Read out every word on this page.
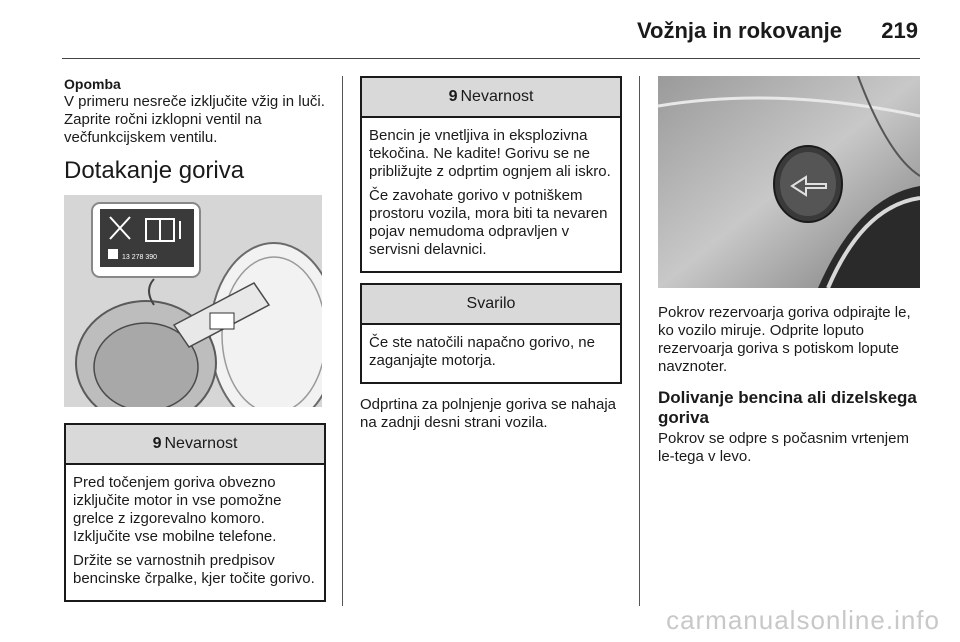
Vožnja in rokovanje 219
Opomba

V primeru nesreče izključite vžig in luči. Zaprite ročni izklopni ventil na večfunkcijskem ventilu.

Dotakanje goriva
13 278 390
9 Nevarnost

Pred točenjem goriva obvezno izključite motor in vse pomožne grelce z izgorevalno komoro. Izključite vse mobilne telefone.

Držite se varnostnih predpisov bencinske črpalke, kjer točite gorivo.

9 Nevarnost

Bencin je vnetljiva in eksplozivna tekočina. Ne kadite! Gorivu se ne približujte z odprtim ognjem ali iskro.

Če zavohate gorivo v potniškem prostoru vozila, mora biti ta nevaren pojav nemudoma odpravljen v servisni delavnici.

Svarilo

Če ste natočili napačno gorivo, ne zaganjajte motorja.

Odprtina za polnjenje goriva se nahaja na zadnji desni strani vozila.

Pokrov rezervoarja goriva odpirajte le, ko vozilo miruje. Odprite loputo rezervoarja goriva s potiskom lopute navznoter.

Dolivanje bencina ali dizelskega goriva

Pokrov se odpre s počasnim vrtenjem le-tega v levo.

carmanualsonline.info
